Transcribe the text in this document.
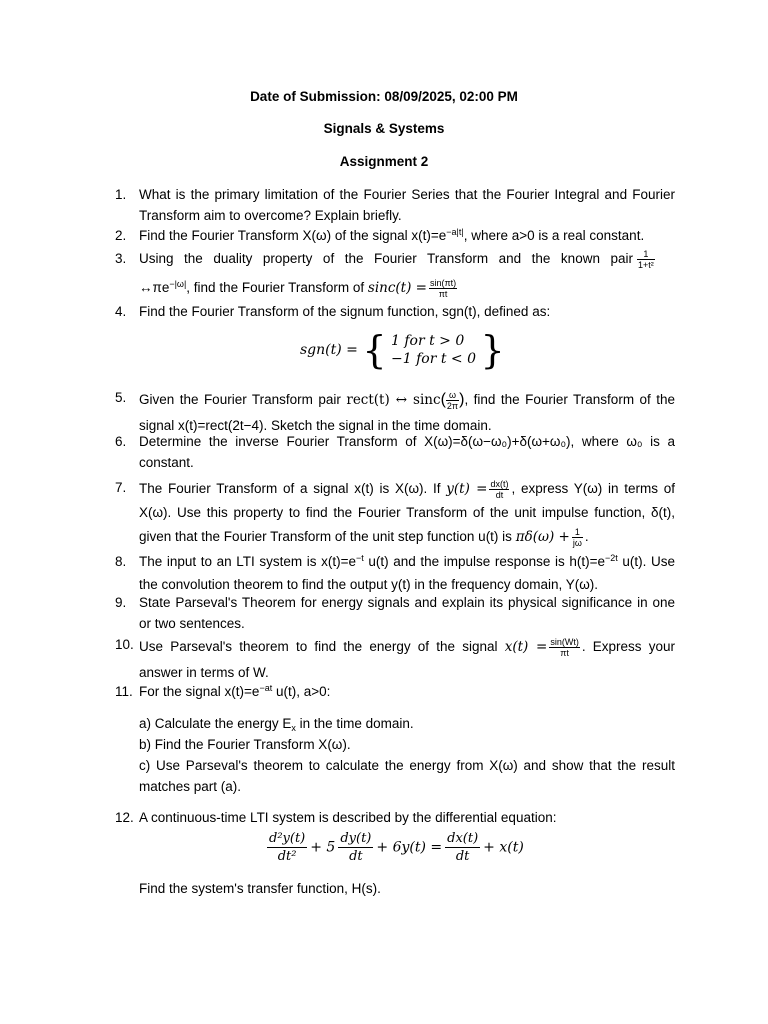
Date of Submission: 08/09/2025, 02:00 PM
Signals & Systems
Assignment 2
1. What is the primary limitation of the Fourier Series that the Fourier Integral and Fourier Transform aim to overcome? Explain briefly.
2. Find the Fourier Transform X(ω) of the signal $x(t)=e^{-a|t|}$, where a>0 is a real constant.
3. Using the duality property of the Fourier Transform and the known pair $\frac{1}{\text{1+t²}}$
$\leftrightarrow\pi e^{-|\omega|}$, find the Fourier Transform of $\sin c(t) = \frac{\sin(\pi t)}{\pi t}$
4. Find the Fourier Transform of the signum function, sgn(t), defined as:
sgn(t) = { 1 for t > 0
−1 for t < 0 }
5. Given the Fourier Transform pair rect(t) ↔ $\sin c( \frac{\omega}{2\pi}$ ), find the Fourier Transform of the signal x(t)=rect(2t−4). Sketch the signal in the time domain.
6. Determine the inverse Fourier Transform of X(ω)=δ(ω−ω₀)+δ(ω+ω₀), where ω₀ is a constant.
7. The Fourier Transform of a signal x(t) is X(ω). If $y(t) = \frac{dx(t)}{dt}$ , express Y(ω) in terms of X(ω). Use this property to find the Fourier Transform of the unit impulse function, δ(t), given that the Fourier Transform of the unit step function u(t) is $\pi\delta(\omega) + \frac{1}{j\omega}$ .
8. The input to an LTI system is $x(t)=e^{-t}$ u(t) and the impulse response is $h(t)=e^{-2t}$ u(t). Use the convolution theorem to find the output y(t) in the frequency domain, Y(ω).
9. State Parseval's Theorem for energy signals and explain its physical significance in one or two sentences.
10. Use Parseval's theorem to find the energy of the signal $x(t) = \frac{\sin(Wt)}{\pi t}$ . Express your answer in terms of W.
11. For the signal $x(t)=e^{-at}$ u(t), a>0:
a) Calculate the energy $E_x$ in the time domain.
b) Find the Fourier Transform X(ω).
c) Use Parseval's theorem to calculate the energy from X(ω) and show that the result matches part (a).
12. A continuous-time LTI system is described by the differential equation:
$\frac{\text{d²y(t)}}{\text{dt²}} + 5 \frac{dy(t)}{dt} + 6y(t) = \frac{dx(t)}{dt} + x(t)$
Find the system's transfer function, H(s).
